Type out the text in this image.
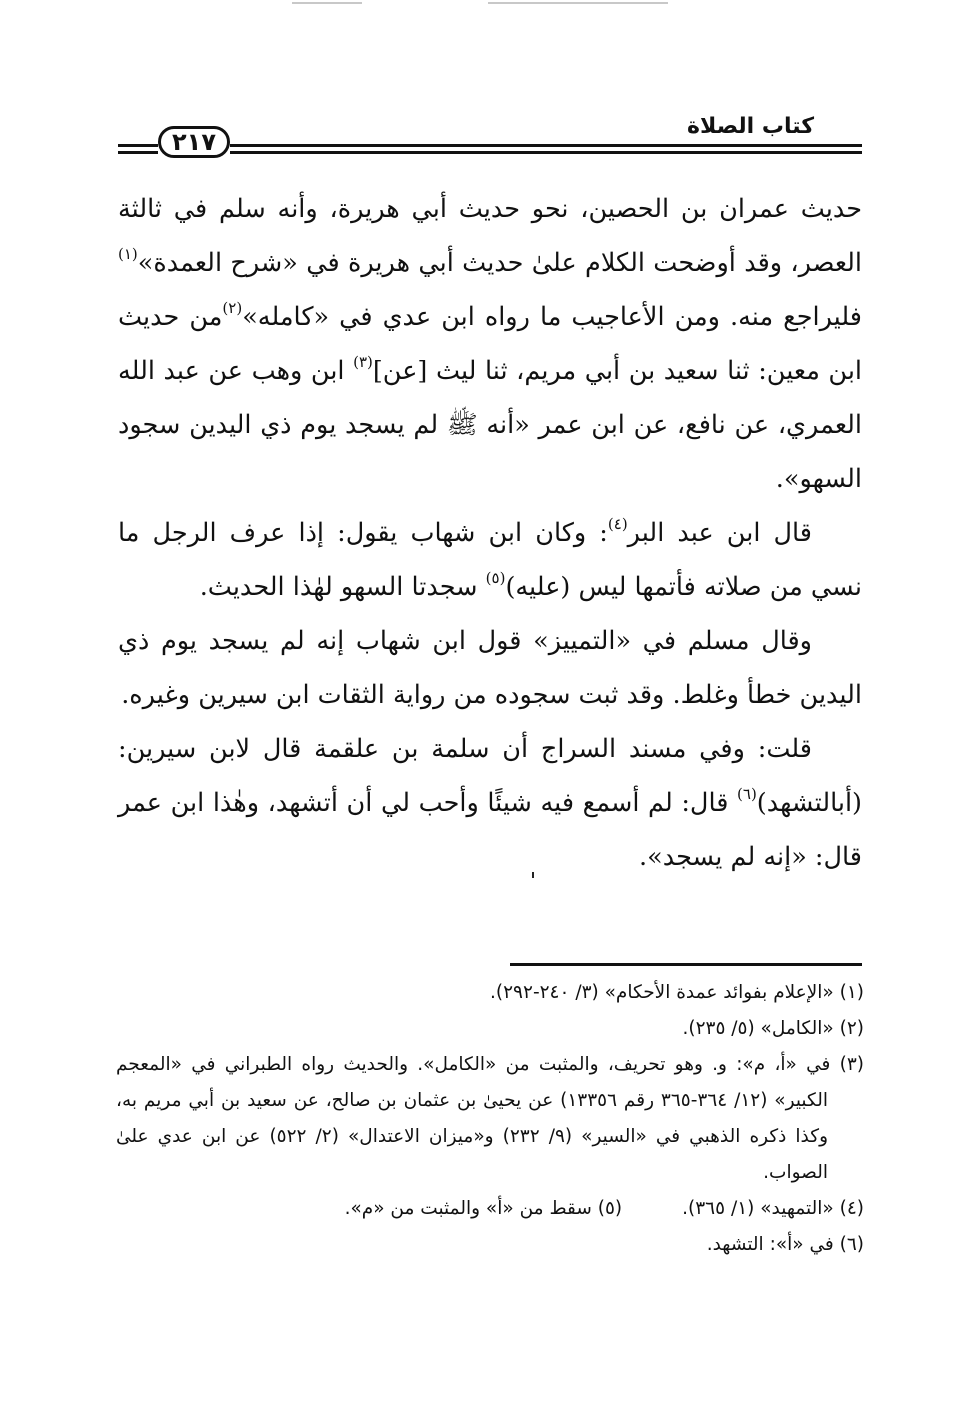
٢١٧
كتاب الصلاة

حديث عمران بن الحصين، نحو حديث أبي هريرة، وأنه سلم في ثالثة العصر، وقد أوضحت الكلام علىٰ حديث أبي هريرة في «شرح العمدة»$^{(١)}$ فليراجع منه. ومن الأعاجيب ما رواه ابن عدي في «كامله»$^{(٢)}$من حديث ابن معين: ثنا سعيد بن أبي مريم، ثنا ليث [عن]$^{(٣)}$ ابن وهب عن عبد الله العمري، عن نافع، عن ابن عمر «أنه ﷺ لم يسجد يوم ذي اليدين سجود السهو».

قال ابن عبد البر$^{(٤)}$: وكان ابن شهاب يقول: إذا عرف الرجل ما نسي من صلاته فأتمها ليس (عليه)$^{(٥)}$ سجدتا السهو لهٰذا الحديث.

وقال مسلم في «التمييز» قول ابن شهاب إنه لم يسجد يوم ذي اليدين خطأ وغلط. وقد ثبت سجوده من رواية الثقات ابن سيرين وغيره.

قلت: وفي مسند السراج أن سلمة بن علقمة قال لابن سيرين: (أبالتشهد)$^{(٦)}$ قال: لم أسمع فيه شيئًا وأحب لي أن أتشهد، وهٰذا ابن عمر قال: «إنه لم يسجد».

(١) «الإعلام بفوائد عمدة الأحكام» (٣/ ٢٤٠-٢٩٢).

(٢) «الكامل» (٥/ ٢٣٥).

(٣) في «أ، م»: و. وهو تحريف، والمثبت من «الكامل». والحديث رواه الطبراني في «المعجم الكبير» (١٢/ ٣٦٤-٣٦٥ رقم ١٣٣٥٦) عن يحيىٰ بن عثمان بن صالح، عن سعيد بن أبي مريم به، وكذا ذكره الذهبي في «السير» (٩/ ٢٣٢) و«ميزان الاعتدال» (٢/ ٥٢٢) عن ابن عدي علىٰ الصواب.

(٤) «التمهيد» (١/ ٣٦٥).

(٥) سقط من «أ» والمثبت من «م».

(٦) في «أ»: التشهد.
